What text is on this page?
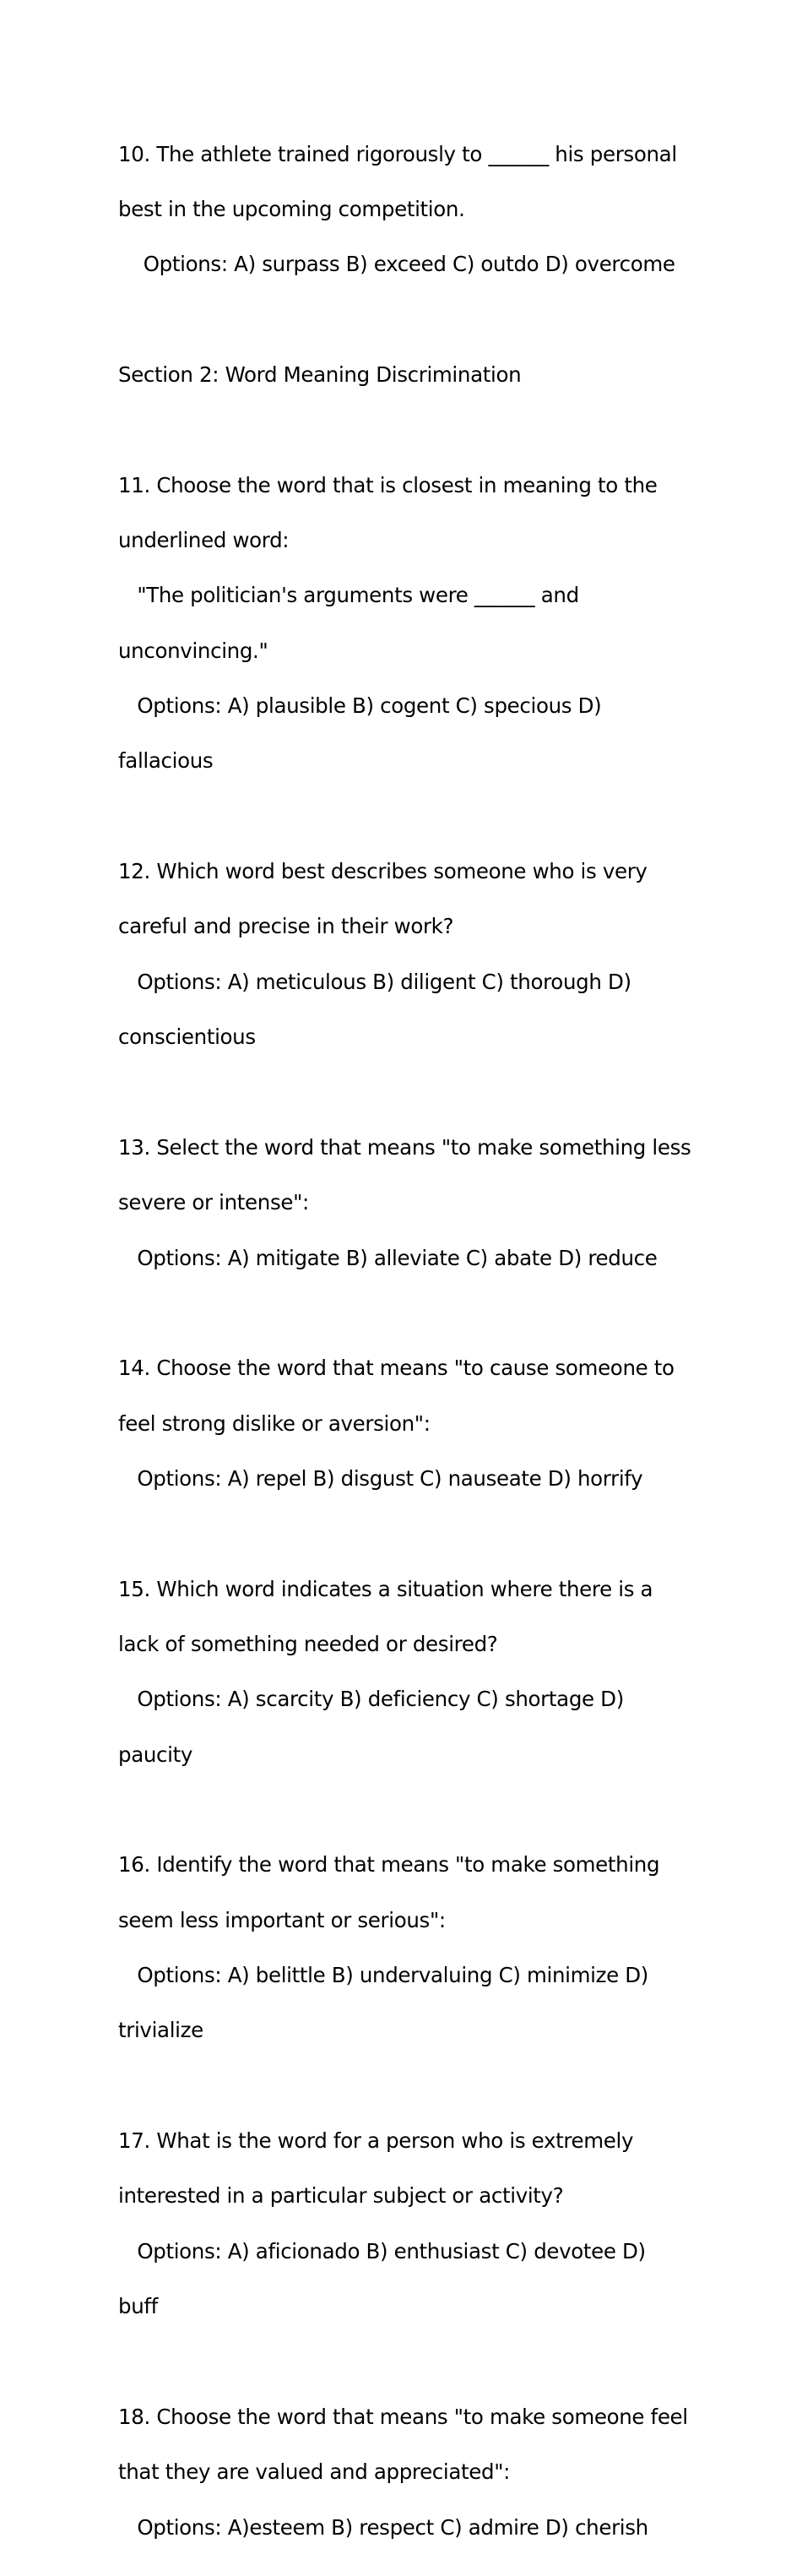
10. The athlete trained rigorously to ______ his personal

best in the upcoming competition.

Options: A) surpass B) exceed C) outdo D) overcome

Section 2: Word Meaning Discrimination

11. Choose the word that is closest in meaning to the

underlined word:

"The politician's arguments were ______ and

unconvincing."

Options: A) plausible B) cogent C) specious D)

fallacious

12. Which word best describes someone who is very

careful and precise in their work?

Options: A) meticulous B) diligent C) thorough D)

conscientious

13. Select the word that means "to make something less

severe or intense":

Options: A) mitigate B) alleviate C) abate D) reduce

14. Choose the word that means "to cause someone to

feel strong dislike or aversion":

Options: A) repel B) disgust C) nauseate D) horrify

15. Which word indicates a situation where there is a

lack of something needed or desired?

Options: A) scarcity B) deficiency C) shortage D)

paucity

16. Identify the word that means "to make something

seem less important or serious":

Options: A) belittle B) undervaluing C) minimize D)

trivialize

17. What is the word for a person who is extremely

interested in a particular subject or activity?

Options: A) aficionado B) enthusiast C) devotee D)

buff

18. Choose the word that means "to make someone feel

that they are valued and appreciated":

Options: A)esteem B) respect C) admire D) cherish
